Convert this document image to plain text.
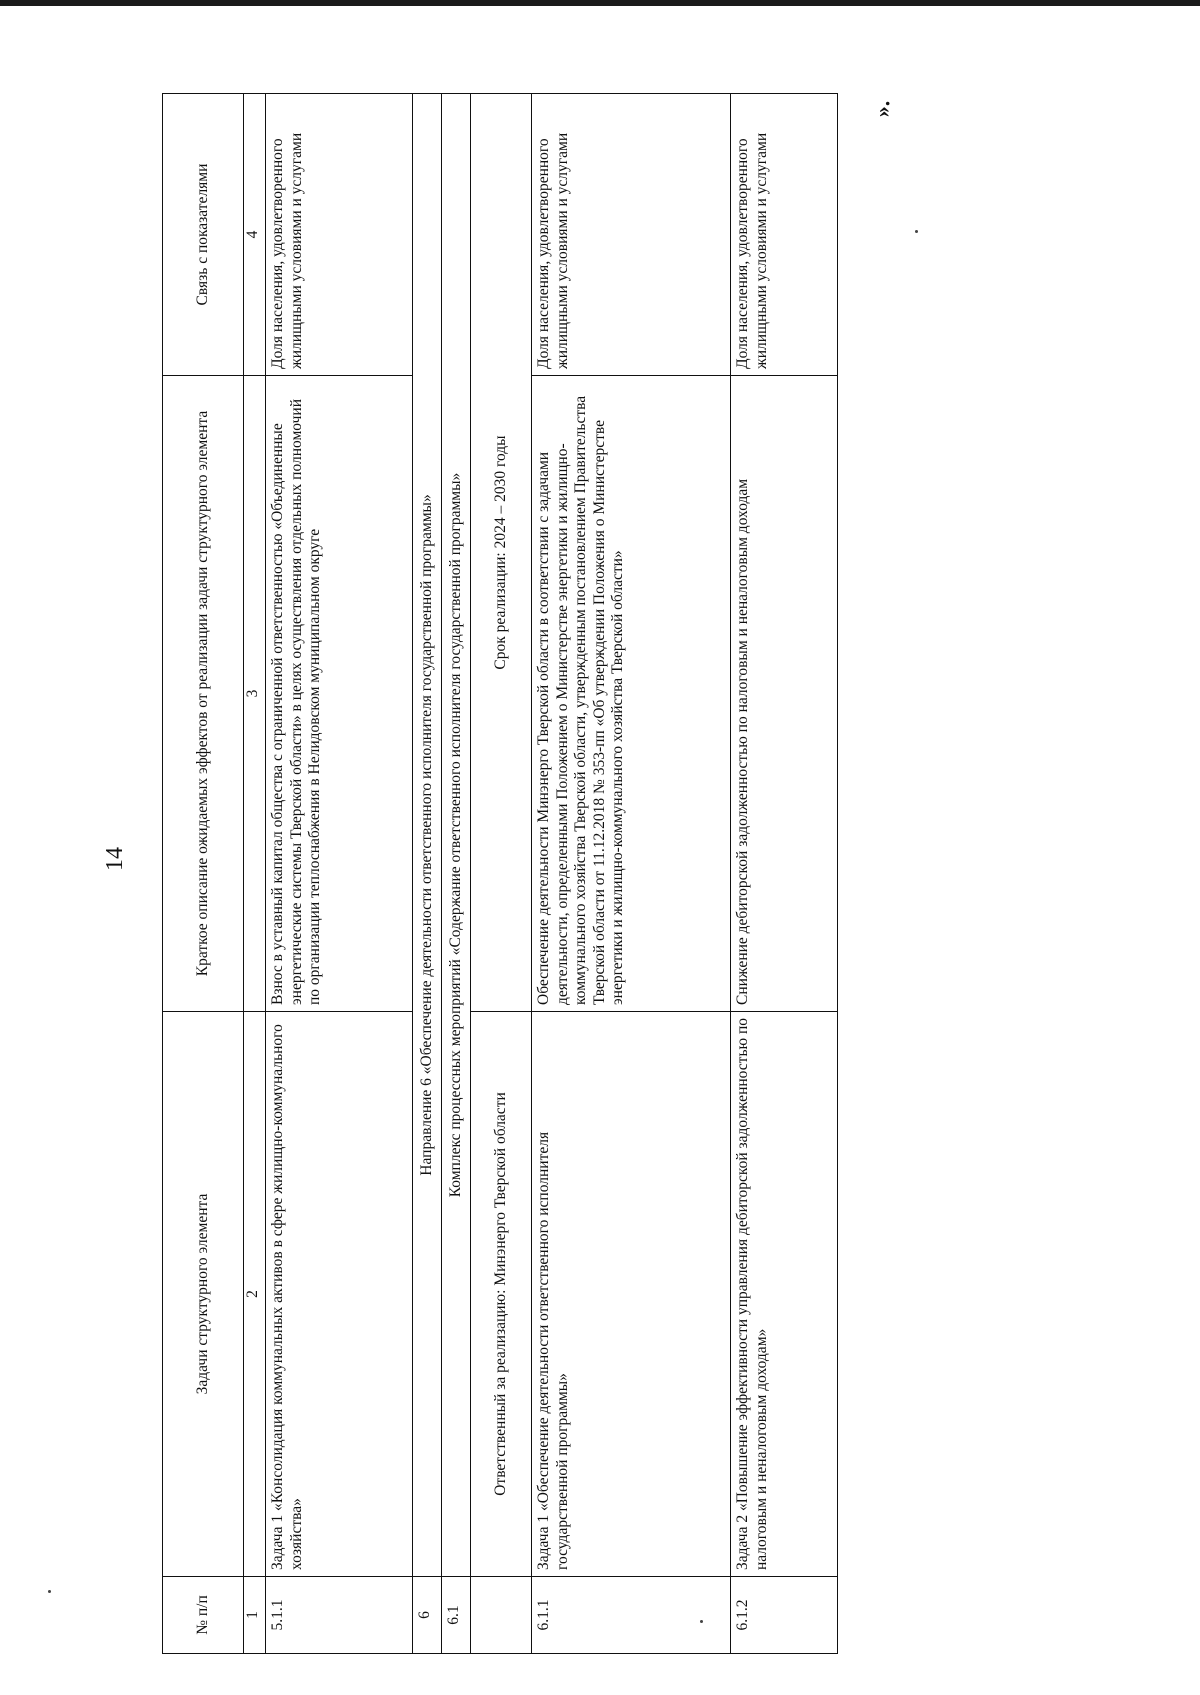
14
».
№ п/п	Задачи структурного элемента	Краткое описание ожидаемых эффектов от реализации задачи структурного элемента	Связь с показателями
1	2	3	4
5.1.1	Задача 1 «Консолидация коммунальных активов в сфере жилищно-коммунального хозяйства»	Взнос в уставный капитал общества с ограниченной ответственностью «Объединенные энергетические системы Тверской области» в целях осуществления отдельных полномочий по организации теплоснабжения в Нелидовском муниципальном округе	Доля населения, удовлетворенного жилищными условиями и услугами
6	Направление 6 «Обеспечение деятельности ответственного исполнителя государственной программы»		
6.1	Комплекс процессных мероприятий «Содержание ответственного исполнителя государственной программы»		
	Ответственный за реализацию: Минэнерго Тверской области	Срок реализации: 2024 – 2030 годы	
6.1.1	Задача 1 «Обеспечение деятельности ответственного исполнителя государственной программы»	Обеспечение деятельности Минэнерго Тверской области в соответствии с задачами деятельности, определенными Положением о Министерстве энергетики и жилищно-коммунального хозяйства Тверской области, утвержденным постановлением Правительства Тверской области от 11.12.2018 № 353-пп «Об утверждении Положения о Министерстве энергетики и жилищно-коммунального хозяйства Тверской области»	Доля населения, удовлетворенного жилищными условиями и услугами
6.1.2	Задача 2 «Повышение эффективности управления дебиторской задолженностью по налоговым и неналоговым доходам»	Снижение дебиторской задолженностью по налоговым и неналоговым доходам	Доля населения, удовлетворенного жилищными условиями и услугами
